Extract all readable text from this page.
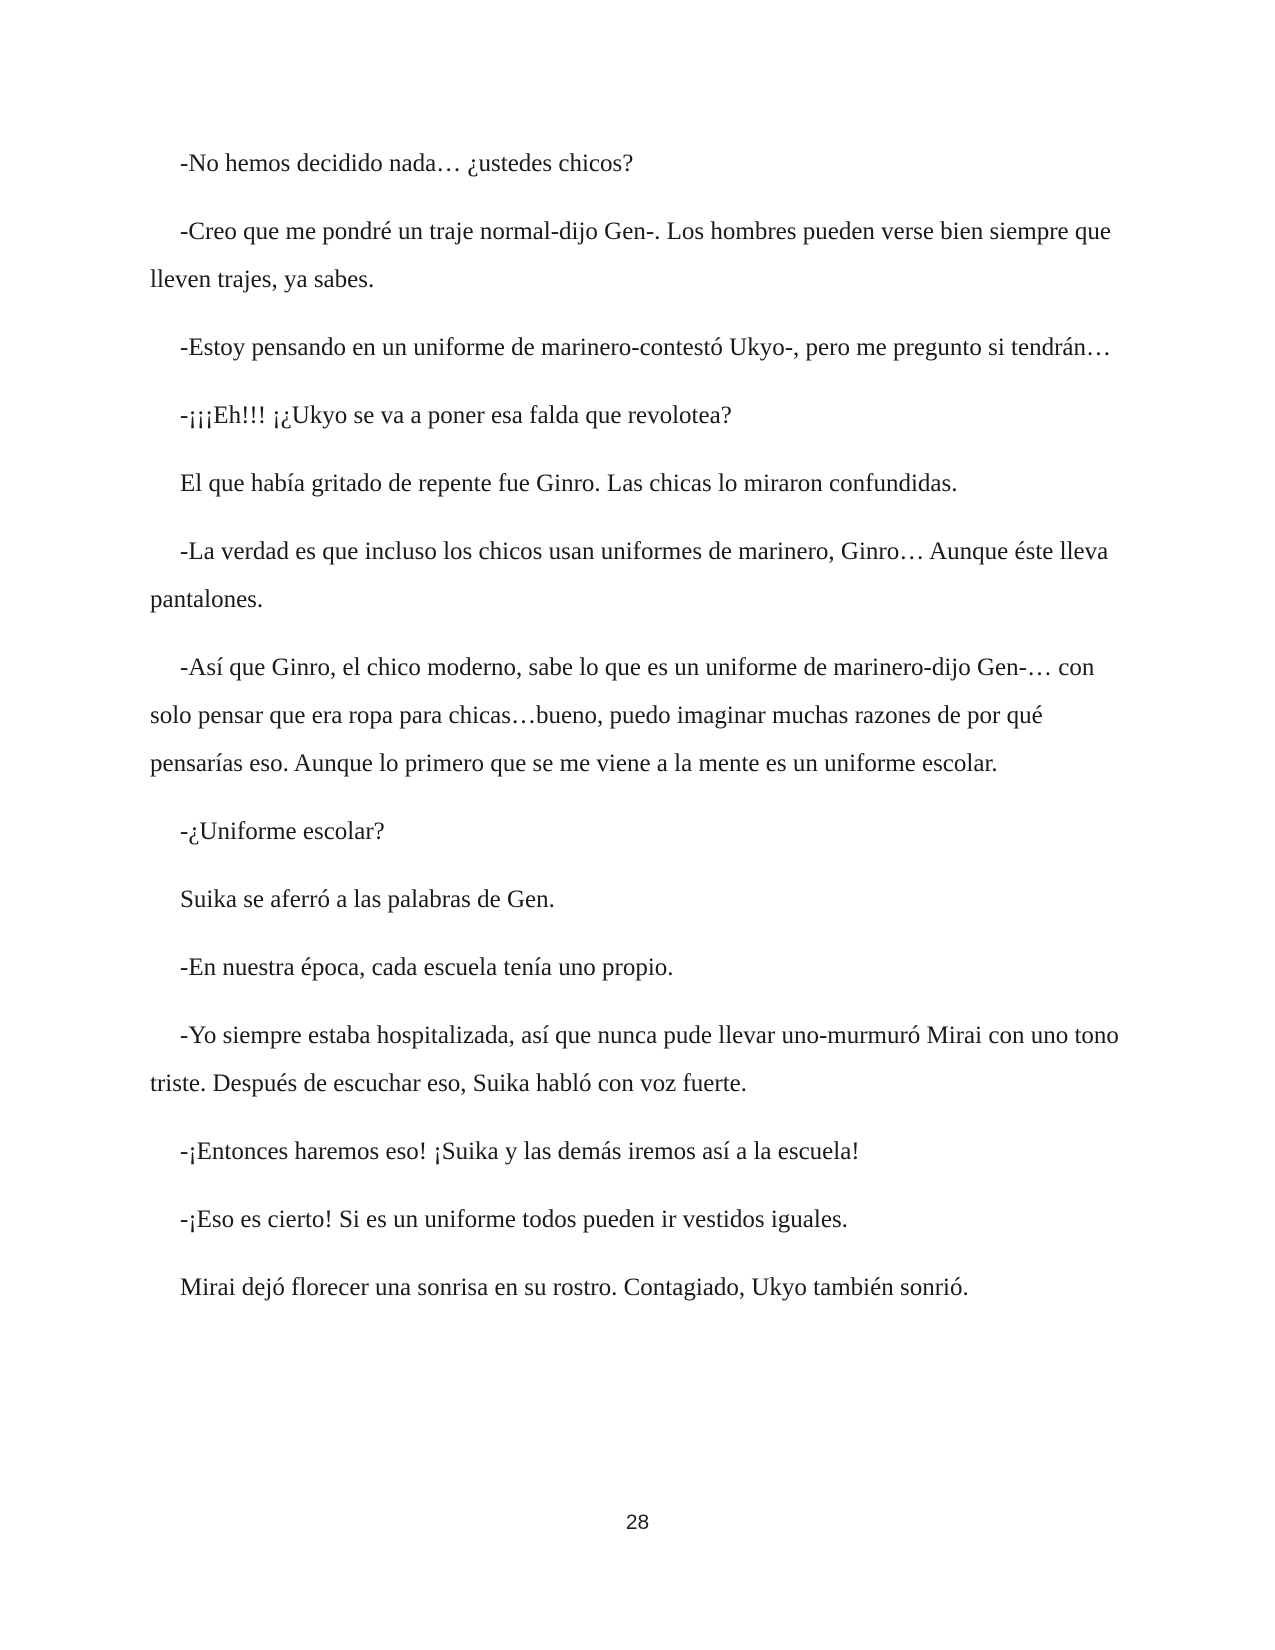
-No hemos decidido nada… ¿ustedes chicos?

-Creo que me pondré un traje normal-dijo Gen-. Los hombres pueden verse bien siempre que lleven trajes, ya sabes.

-Estoy pensando en un uniforme de marinero-contestó Ukyo-, pero me pregunto si tendrán…

-¡¡¡Eh!!! ¡¿Ukyo se va a poner esa falda que revolotea?

El que había gritado de repente fue Ginro. Las chicas lo miraron confundidas.

-La verdad es que incluso los chicos usan uniformes de marinero, Ginro… Aunque éste lleva pantalones.

-Así que Ginro, el chico moderno, sabe lo que es un uniforme de marinero-dijo Gen-… con solo pensar que era ropa para chicas…bueno, puedo imaginar muchas razones de por qué pensarías eso. Aunque lo primero que se me viene a la mente es un uniforme escolar.

-¿Uniforme escolar?

Suika se aferró a las palabras de Gen.

-En nuestra época, cada escuela tenía uno propio.

-Yo siempre estaba hospitalizada, así que nunca pude llevar uno-murmuró Mirai con uno tono triste. Después de escuchar eso, Suika habló con voz fuerte.

-¡Entonces haremos eso! ¡Suika y las demás iremos así a la escuela!

-¡Eso es cierto! Si es un uniforme todos pueden ir vestidos iguales.

Mirai dejó florecer una sonrisa en su rostro. Contagiado, Ukyo también sonrió.

28
